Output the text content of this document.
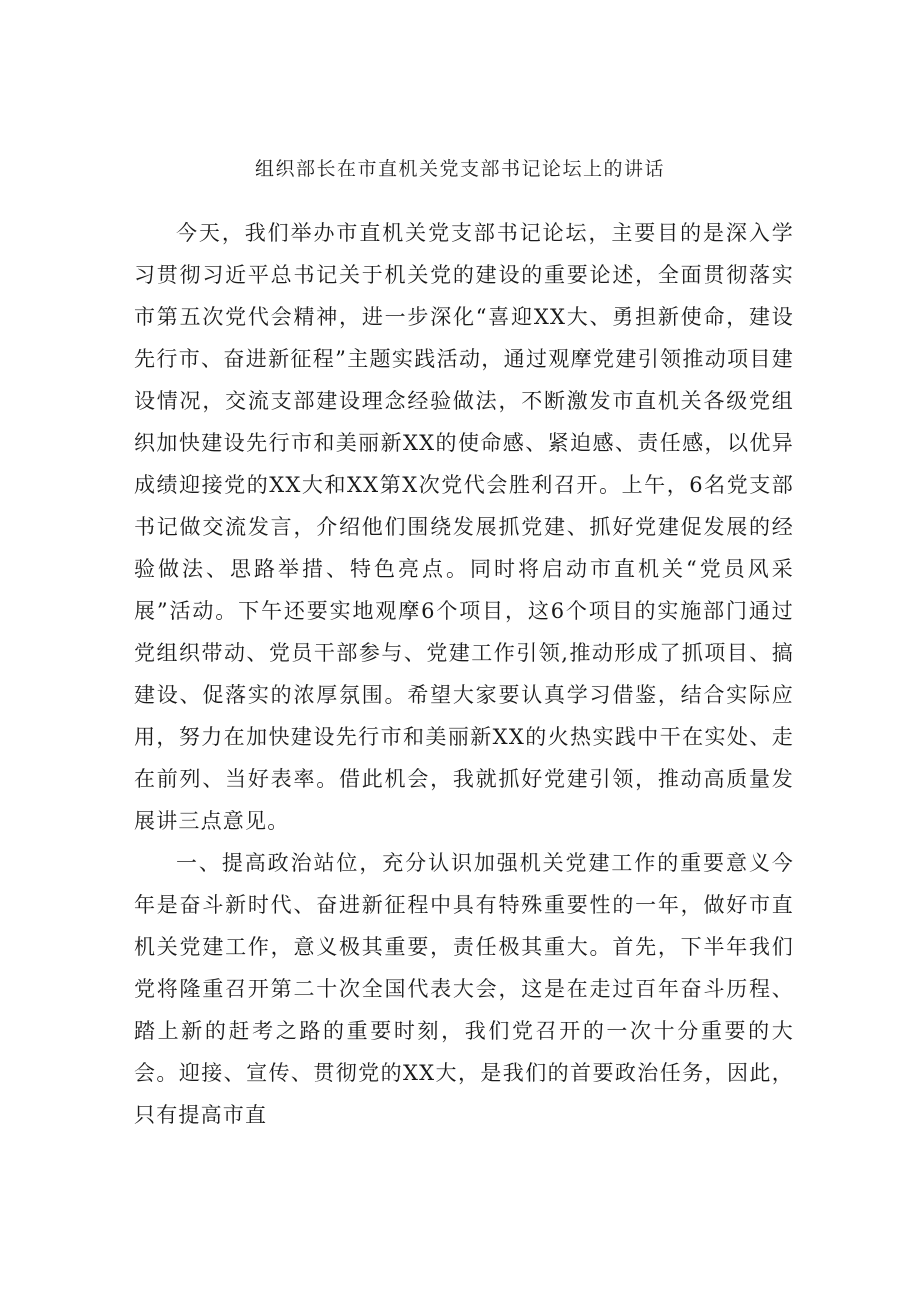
组织部长在市直机关党支部书记论坛上的讲话

今天，我们举办市直机关党支部书记论坛，主要目的是深入学习贯彻习近平总书记关于机关党的建设的重要论述，全面贯彻落实市第五次党代会精神，进一步深化“喜迎XX大、勇担新使命，建设先行市、奋进新征程”主题实践活动，通过观摩党建引领推动项目建设情况，交流支部建设理念经验做法，不断激发市直机关各级党组织加快建设先行市和美丽新XX的使命感、紧迫感、责任感，以优异成绩迎接党的XX大和XX第X次党代会胜利召开。上午，6名党支部书记做交流发言，介绍他们围绕发展抓党建、抓好党建促发展的经验做法、思路举措、特色亮点。同时将启动市直机关“党员风采展”活动。下午还要实地观摩6个项目，这6个项目的实施部门通过党组织带动、党员干部参与、党建工作引领,推动形成了抓项目、搞建设、促落实的浓厚氛围。希望大家要认真学习借鉴，结合实际应用，努力在加快建设先行市和美丽新XX的火热实践中干在实处、走在前列、当好表率。借此机会，我就抓好党建引领，推动高质量发展讲三点意见。

一、提高政治站位，充分认识加强机关党建工作的重要意义今年是奋斗新时代、奋进新征程中具有特殊重要性的一年，做好市直机关党建工作，意义极其重要，责任极其重大。首先，下半年我们党将隆重召开第二十次全国代表大会，这是在走过百年奋斗历程、踏上新的赶考之路的重要时刻，我们党召开的一次十分重要的大会。迎接、宣传、贯彻党的XX大，是我们的首要政治任务，因此，只有提高市直
